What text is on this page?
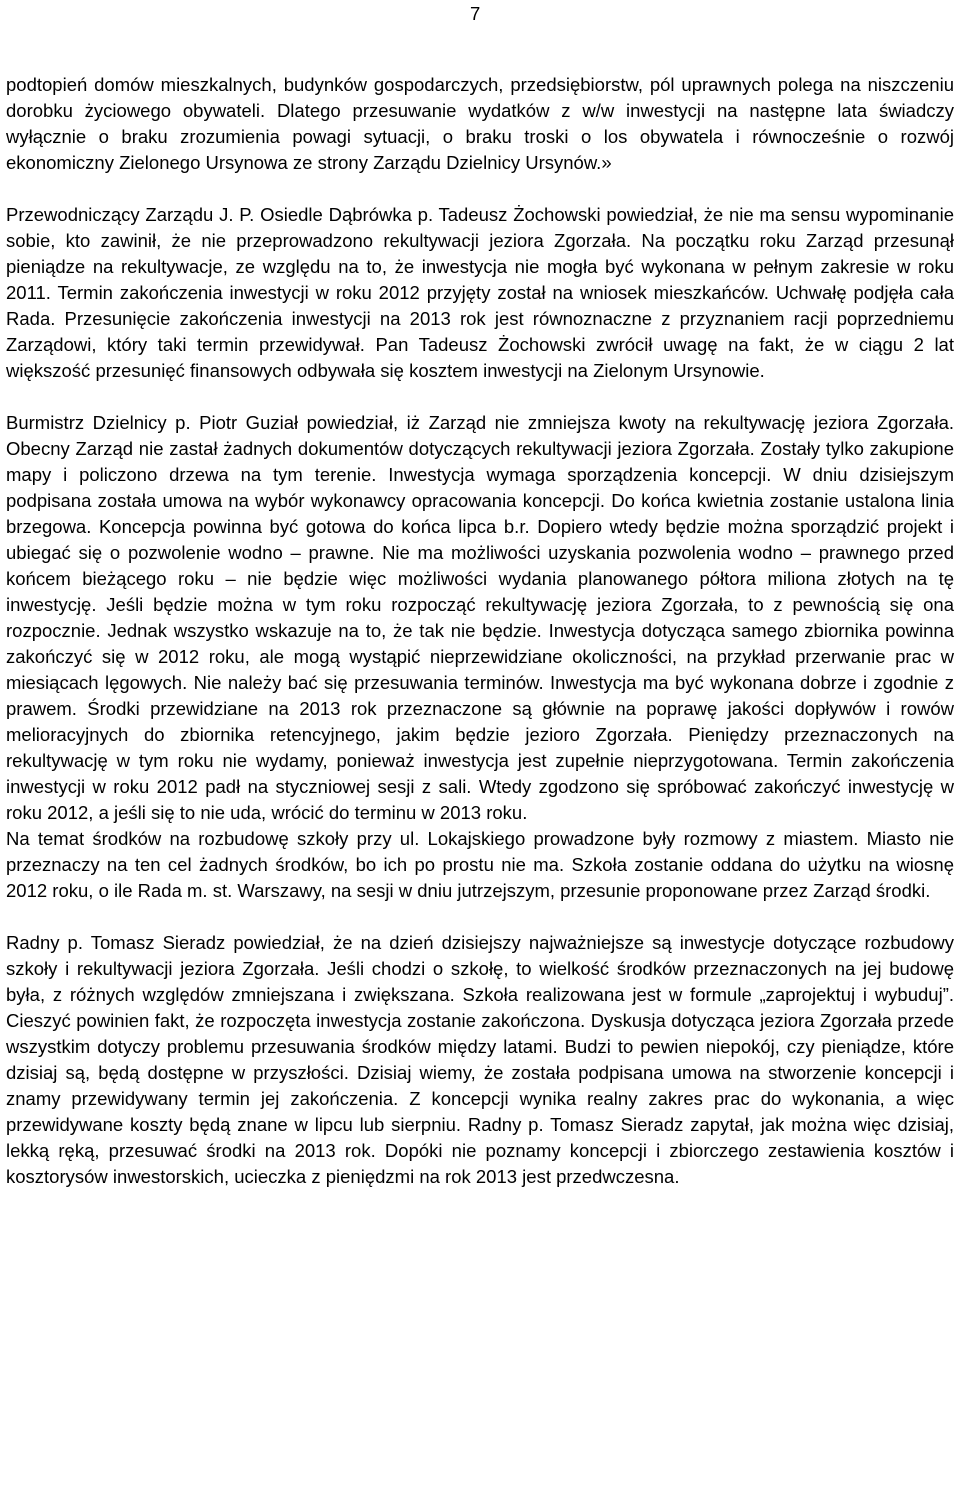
7

podtopień domów mieszkalnych, budynków gospodarczych, przedsiębiorstw, pól uprawnych polega na niszczeniu dorobku życiowego obywateli. Dlatego przesuwanie wydatków z w/w inwestycji na następne lata świadczy wyłącznie o braku zrozumienia powagi sytuacji, o braku troski o los obywatela i równocześnie o rozwój ekonomiczny Zielonego Ursynowa ze strony Zarządu Dzielnicy Ursynów.»

Przewodniczący Zarządu J. P. Osiedle Dąbrówka p. Tadeusz Żochowski powiedział, że nie ma sensu wypominanie sobie, kto zawinił, że nie przeprowadzono rekultywacji jeziora Zgorzała. Na początku roku Zarząd przesunął pieniądze na rekultywacje, ze względu na to, że inwestycja nie mogła być wykonana w pełnym zakresie w roku 2011. Termin zakończenia inwestycji w roku 2012 przyjęty został na wniosek mieszkańców. Uchwałę podjęła cała Rada. Przesunięcie zakończenia inwestycji na 2013 rok jest równoznaczne z przyznaniem racji poprzedniemu Zarządowi, który taki termin przewidywał. Pan Tadeusz Żochowski zwrócił uwagę na fakt, że w ciągu 2 lat większość przesunięć finansowych odbywała się kosztem inwestycji na Zielonym Ursynowie.

Burmistrz Dzielnicy p. Piotr Guział powiedział, iż Zarząd nie zmniejsza kwoty na rekultywację jeziora Zgorzała. Obecny Zarząd nie zastał żadnych dokumentów dotyczących rekultywacji jeziora Zgorzała. Zostały tylko zakupione mapy i policzono drzewa na tym terenie. Inwestycja wymaga sporządzenia koncepcji. W dniu dzisiejszym podpisana została umowa na wybór wykonawcy opracowania koncepcji. Do końca kwietnia zostanie ustalona linia brzegowa. Koncepcja powinna być gotowa do końca lipca b.r. Dopiero wtedy będzie można sporządzić projekt i ubiegać się o pozwolenie wodno – prawne. Nie ma możliwości uzyskania pozwolenia wodno – prawnego przed końcem bieżącego roku – nie będzie więc możliwości wydania planowanego półtora miliona złotych na tę inwestycję. Jeśli będzie można w tym roku rozpocząć rekultywację jeziora Zgorzała, to z pewnością się ona rozpocznie. Jednak wszystko wskazuje na to, że tak nie będzie. Inwestycja dotycząca samego zbiornika powinna zakończyć się w 2012 roku, ale mogą wystąpić nieprzewidziane okoliczności, na przykład przerwanie prac w miesiącach lęgowych. Nie należy bać się przesuwania terminów. Inwestycja ma być wykonana dobrze i zgodnie z prawem. Środki przewidziane na 2013 rok przeznaczone są głównie na poprawę jakości dopływów i rowów melioracyjnych do zbiornika retencyjnego, jakim będzie jezioro Zgorzała. Pieniędzy przeznaczonych na rekultywację w tym roku nie wydamy, ponieważ inwestycja jest zupełnie nieprzygotowana. Termin zakończenia inwestycji w roku 2012 padł na styczniowej sesji z sali. Wtedy zgodzono się spróbować zakończyć inwestycję w roku 2012, a jeśli się to nie uda, wrócić do terminu w 2013 roku.

Na temat środków na rozbudowę szkoły przy ul. Lokajskiego prowadzone były rozmowy z miastem. Miasto nie przeznaczy na ten cel żadnych środków, bo ich po prostu nie ma. Szkoła zostanie oddana do użytku na wiosnę 2012 roku, o ile Rada m. st. Warszawy, na sesji w dniu jutrzejszym, przesunie proponowane przez Zarząd środki.

Radny p. Tomasz Sieradz powiedział, że na dzień dzisiejszy najważniejsze są inwestycje dotyczące rozbudowy szkoły i rekultywacji jeziora Zgorzała. Jeśli chodzi o szkołę, to wielkość środków przeznaczonych na jej budowę była, z różnych względów zmniejszana i zwiększana. Szkoła realizowana jest w formule „zaprojektuj i wybuduj”. Cieszyć powinien fakt, że rozpoczęta inwestycja zostanie zakończona. Dyskusja dotycząca jeziora Zgorzała przede wszystkim dotyczy problemu przesuwania środków między latami. Budzi to pewien niepokój, czy pieniądze, które dzisiaj są, będą dostępne w przyszłości. Dzisiaj wiemy, że została podpisana umowa na stworzenie koncepcji i znamy przewidywany termin jej zakończenia. Z koncepcji wynika realny zakres prac do wykonania, a więc przewidywane koszty będą znane w lipcu lub sierpniu. Radny p. Tomasz Sieradz zapytał, jak można więc dzisiaj, lekką ręką, przesuwać środki na 2013 rok. Dopóki nie poznamy koncepcji i zbiorczego zestawienia kosztów i kosztorysów inwestorskich, ucieczka z pieniędzmi na rok 2013 jest przedwczesna.
